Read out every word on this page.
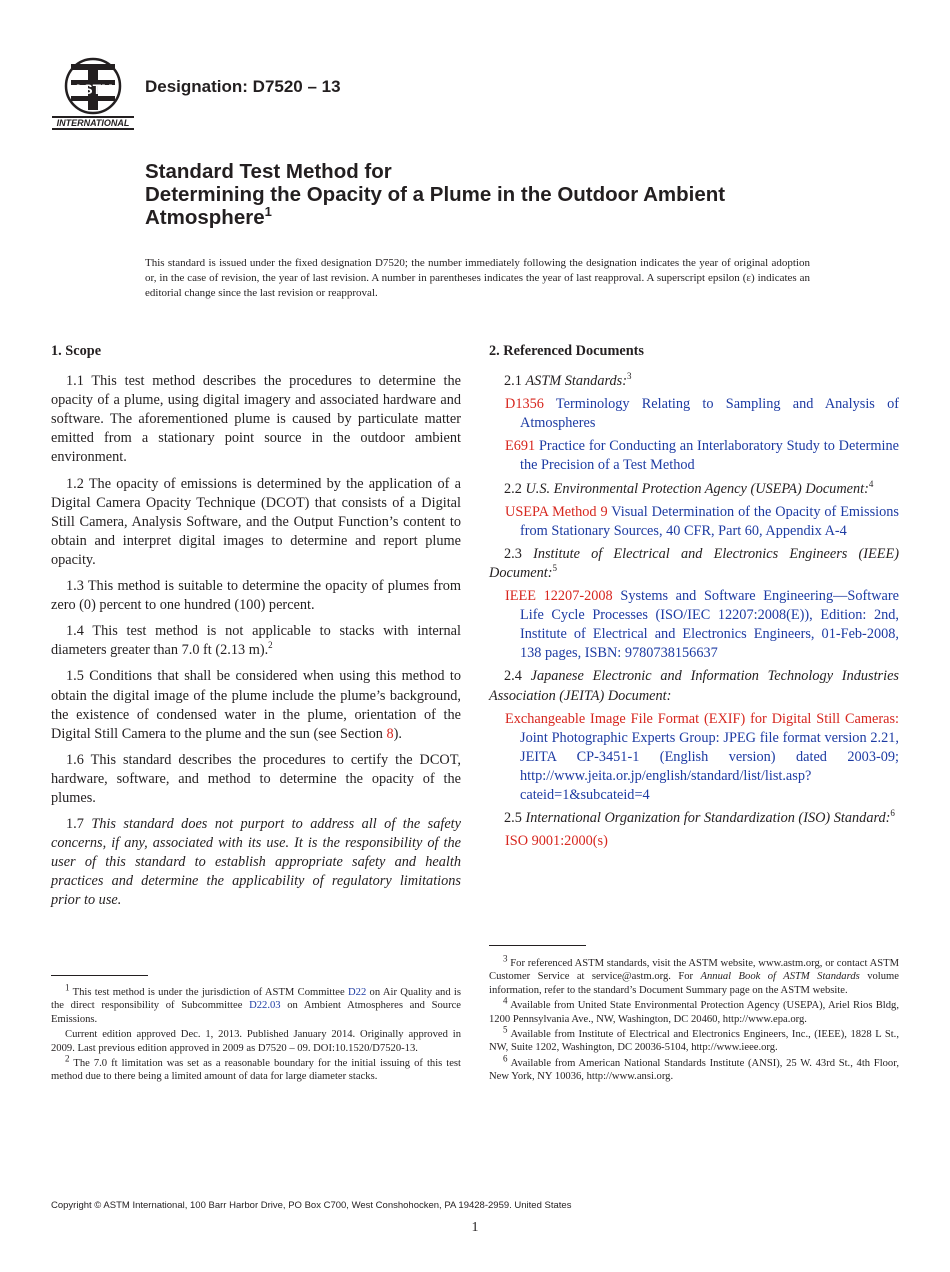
INTERNATIONAL
ASTM Designation: D7520 – 13
Standard Test Method for
Determining the Opacity of a Plume in the Outdoor Ambient
Atmosphere$^1$
This standard is issued under the fixed designation D7520; the number immediately following the designation indicates the year of original adoption or, in the case of revision, the year of last revision. A number in parentheses indicates the year of last reapproval. A superscript epsilon (ε) indicates an editorial change since the last revision or reapproval.
1. Scope

1.1 This test method describes the procedures to determine the opacity of a plume, using digital imagery and associated hardware and software. The aforementioned plume is caused by particulate matter emitted from a stationary point source in the outdoor ambient environment.

1.2 The opacity of emissions is determined by the application of a Digital Camera Opacity Technique (DCOT) that consists of a Digital Still Camera, Analysis Software, and the Output Function’s content to obtain and interpret digital images to determine and report plume opacity.

1.3 This method is suitable to determine the opacity of plumes from zero (0) percent to one hundred (100) percent.

1.4 This test method is not applicable to stacks with internal diameters greater than 7.0 ft (2.13 m).$^2$

1.5 Conditions that shall be considered when using this method to obtain the digital image of the plume include the plume’s background, the existence of condensed water in the plume, orientation of the Digital Still Camera to the plume and the sun (see Section 8).

1.6 This standard describes the procedures to certify the DCOT, hardware, software, and method to determine the opacity of the plumes.

1.7 This standard does not purport to address all of the safety concerns, if any, associated with its use. It is the responsibility of the user of this standard to establish appropriate safety and health practices and determine the applicability of regulatory limitations prior to use.

2. Referenced Documents

2.1 ASTM Standards:$^3$

D1356 Terminology Relating to Sampling and Analysis of Atmospheres

E691 Practice for Conducting an Interlaboratory Study to Determine the Precision of a Test Method

2.2 U.S. Environmental Protection Agency (USEPA) Document:$^4$

USEPA Method 9 Visual Determination of the Opacity of Emissions from Stationary Sources, 40 CFR, Part 60, Appendix A-4

2.3 Institute of Electrical and Electronics Engineers (IEEE) Document:$^5$

IEEE 12207-2008 Systems and Software Engineering—Software Life Cycle Processes (ISO/IEC 12207:2008(E)), Edition: 2nd, Institute of Electrical and Electronics Engineers, 01-Feb-2008, 138 pages, ISBN: 9780738156637

2.4 Japanese Electronic and Information Technology Industries Association (JEITA) Document:

Exchangeable Image File Format (EXIF) for Digital Still Cameras: Joint Photographic Experts Group: JPEG file format version 2.21, JEITA CP-3451-1 (English version) dated 2003-09; http://www.jeita.or.jp/english/standard/list/list.asp?cateid=1&subcateid=4

2.5 International Organization for Standardization (ISO) Standard:$^6$

ISO 9001:2000(s)

$^1$ This test method is under the jurisdiction of ASTM Committee D22 on Air Quality and is the direct responsibility of Subcommittee D22.03 on Ambient Atmospheres and Source Emissions.

Current edition approved Dec. 1, 2013. Published January 2014. Originally approved in 2009. Last previous edition approved in 2009 as D7520 – 09. DOI:10.1520/D7520-13.

$^2$ The 7.0 ft limitation was set as a reasonable boundary for the initial issuing of this test method due to there being a limited amount of data for large diameter stacks.

$^3$ For referenced ASTM standards, visit the ASTM website, www.astm.org, or contact ASTM Customer Service at service@astm.org. For Annual Book of ASTM Standards volume information, refer to the standard’s Document Summary page on the ASTM website.

$^4$ Available from United State Environmental Protection Agency (USEPA), Ariel Rios Bldg, 1200 Pennsylvania Ave., NW, Washington, DC 20460, http://www.epa.org.

$^5$ Available from Institute of Electrical and Electronics Engineers, Inc., (IEEE), 1828 L St., NW, Suite 1202, Washington, DC 20036-5104, http://www.ieee.org.

$^6$ Available from American National Standards Institute (ANSI), 25 W. 43rd St., 4th Floor, New York, NY 10036, http://www.ansi.org.

Copyright © ASTM International, 100 Barr Harbor Drive, PO Box C700, West Conshohocken, PA 19428-2959. United States
1
